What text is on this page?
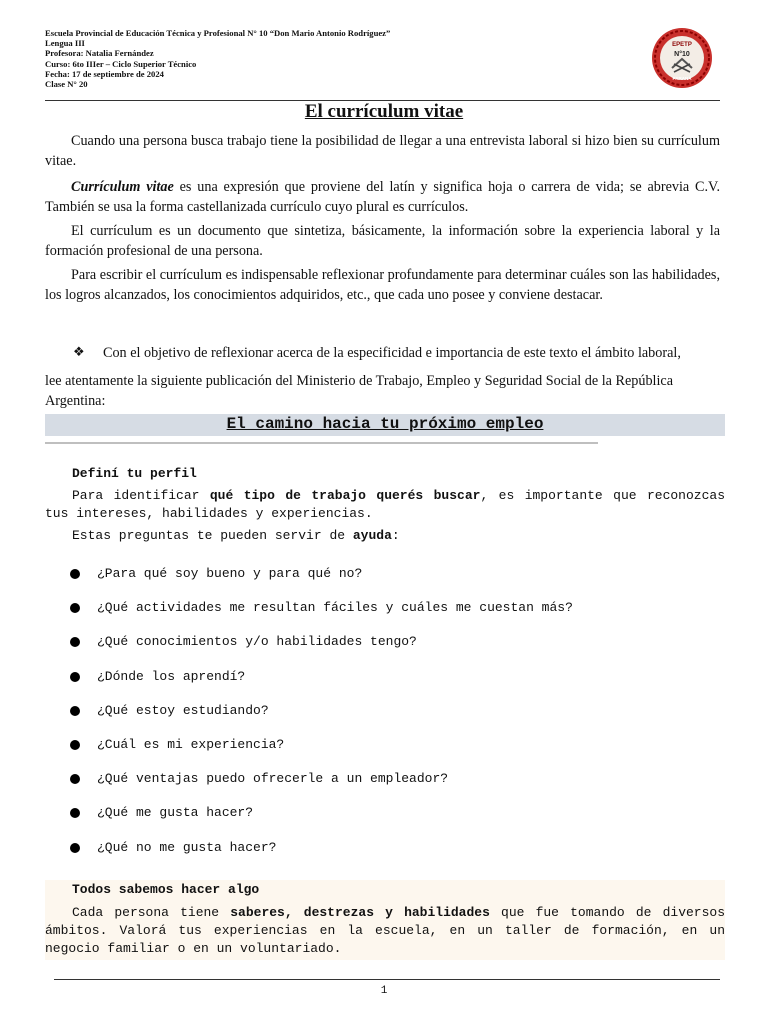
Escuela Provincial de Educación Técnica y Profesional N° 10 “Don Mario Antonio Rodríguez”
Lengua III
Profesora: Natalia Fernández
Curso: 6to IIIer – Ciclo Superior Técnico
Fecha: 17 de septiembre de 2024
Clase N° 20
EPETP
N°10
PARANÁ
El currículum vitae

Cuando una persona busca trabajo tiene la posibilidad de llegar a una entrevista laboral si hizo bien su currículum vitae.

Currículum vitae es una expresión que proviene del latín y significa hoja o carrera de vida; se abrevia C.V. También se usa la forma castellanizada currículo cuyo plural es currículos.

El currículum es un documento que sintetiza, básicamente, la información sobre la experiencia laboral y la formación profesional de una persona.

Para escribir el currículum es indispensable reflexionar profundamente para determinar cuáles son las habilidades, los logros alcanzados, los conocimientos adquiridos, etc., que cada uno posee y conviene destacar.

❖	Con el objetivo de reflexionar acerca de la especificidad e importancia de este texto el ámbito laboral,
lee atentamente la siguiente publicación del Ministerio de Trabajo, Empleo y Seguridad Social de la República Argentina:
El camino hacia tu próximo empleo
Definí tu perfil

Para identificar qué tipo de trabajo querés buscar, es importante que reconozcas tus intereses, habilidades y experiencias.

Estas preguntas te pueden servir de ayuda:

¿Para qué soy bueno y para qué no?
¿Qué actividades me resultan fáciles y cuáles me cuestan más?
¿Qué conocimientos y/o habilidades tengo?
¿Dónde los aprendí?
¿Qué estoy estudiando?
¿Cuál es mi experiencia?
¿Qué ventajas puedo ofrecerle a un empleador?
¿Qué me gusta hacer?
¿Qué no me gusta hacer?
Todos sabemos hacer algo

Cada persona tiene saberes, destrezas y habilidades que fue tomando de diversos ámbitos. Valorá tus experiencias en la escuela, en un taller de formación, en un negocio familiar o en un voluntariado.

1
